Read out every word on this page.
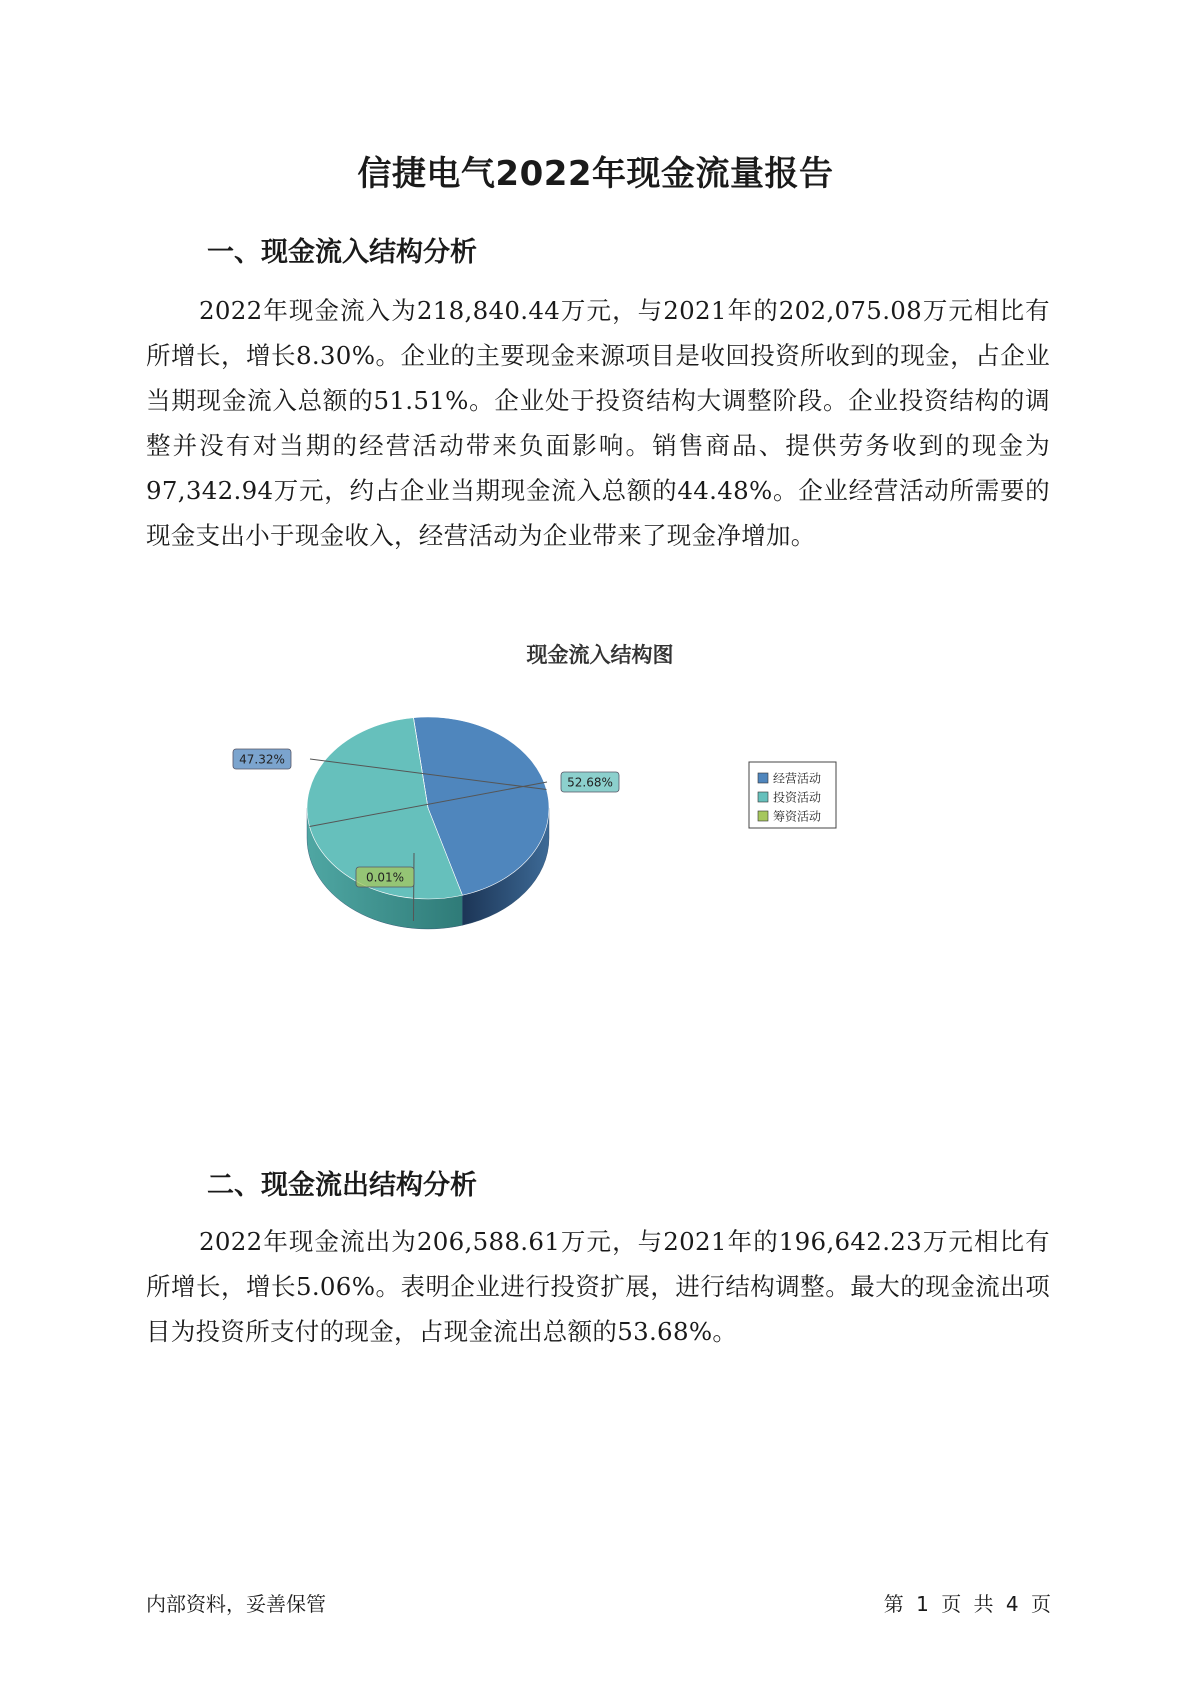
信捷电气2022年现金流量报告
一、现金流入结构分析

2022年现金流入为218,840.44万元，与2021年的202,075.08万元相比有所增长，增长8.30%。企业的主要现金来源项目是收回投资所收到的现金，占企业当期现金流入总额的51.51%。企业处于投资结构大调整阶段。企业投资结构的调整并没有对当期的经营活动带来负面影响。销售商品、提供劳务收到的现金为97,342.94万元，约占企业当期现金流入总额的44.48%。企业经营活动所需要的现金支出小于现金收入，经营活动为企业带来了现金净增加。

现金流入结构图
47.32%
52.68%
0.01%
经营活动
投资活动
筹资活动
二、现金流出结构分析

2022年现金流出为206,588.61万元，与2021年的196,642.23万元相比有所增长，增长5.06%。表明企业进行投资扩展，进行结构调整。最大的现金流出项目为投资所支付的现金，占现金流出总额的53.68%。

内部资料，妥善保管	第 1 页 共 4 页
